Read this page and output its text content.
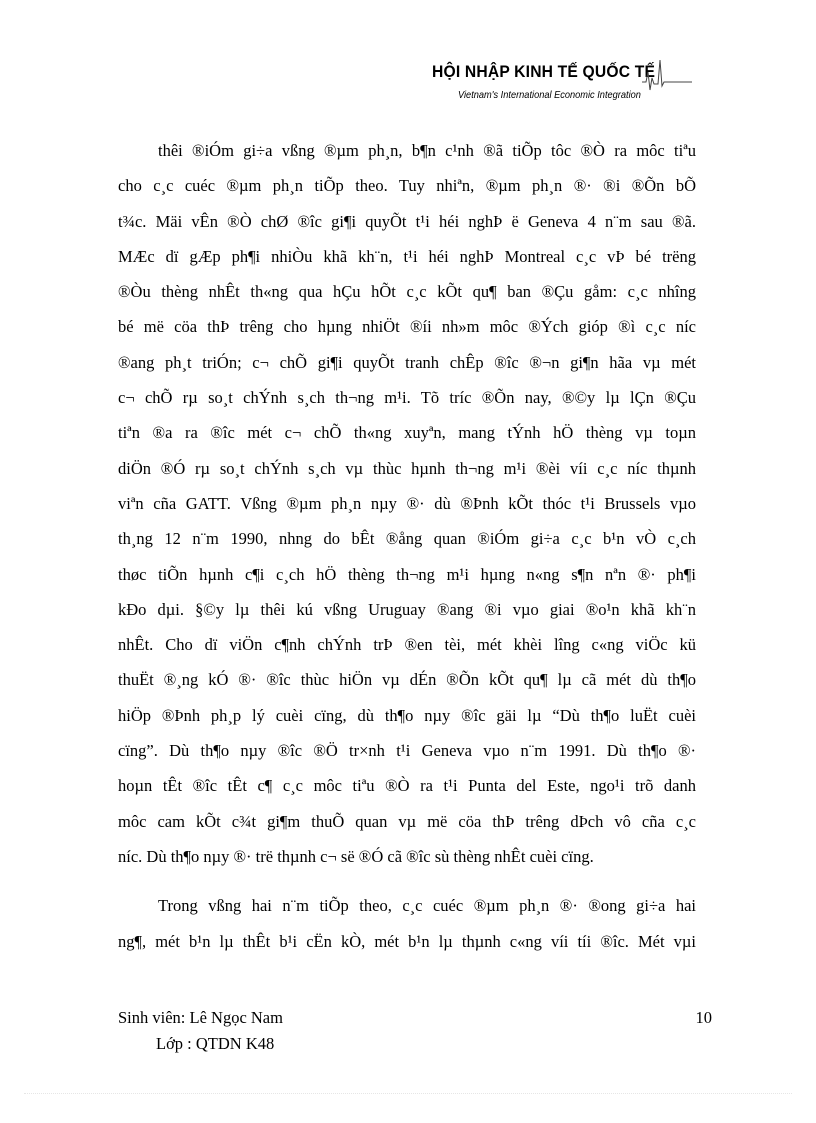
HỘI NHẬP KINH TẾ QUỐC TẾ
Vietnam's International Economic Integration
thêi ®iÓm gi÷a vßng ®µm ph¸n, b¶n c¹nh ®ã tiÕp tôc ®Ò ra môc tiªu
cho c¸c cuéc ®µm ph¸n tiÕp theo. Tuy nhiªn, ®µm ph¸n ®· ®i ®Õn bÕ
t¾c. Mäi vÊn ®Ò chØ ®îc gi¶i quyÕt t¹i héi nghÞ ë Geneva 4 n¨m sau ®ã.
MÆc dï gÆp ph¶i nhiÒu khã kh¨n, t¹i héi nghÞ Montreal c¸c vÞ bé trëng
®Òu thèng nhÊt th«ng qua hÇu hÕt c¸c kÕt qu¶ ban ®Çu gåm: c¸c nhîng
bé më cöa thÞ trêng cho hµng nhiÖt ®íi nh»m môc ®Ých gióp ®ì c¸c níc
®ang ph¸t triÓn; c¬ chÕ gi¶i quyÕt tranh chÊp ®îc ®¬n gi¶n hãa vµ mét
c¬ chÕ rµ so¸t chÝnh s¸ch th¬ng m¹i. Tõ tríc ®Õn nay, ®©y lµ lÇn ®Çu
tiªn ®a ra ®îc mét c¬ chÕ th«ng xuyªn, mang tÝnh hÖ thèng vµ toµn
diÖn ®Ó rµ so¸t chÝnh s¸ch vµ thùc hµnh th¬ng m¹i ®èi víi c¸c níc thµnh
viªn cña GATT. Vßng ®µm ph¸n nµy ®· dù ®Þnh kÕt thóc t¹i Brussels vµo
th¸ng 12 n¨m 1990, nhng do bÊt ®ång quan ®iÓm gi÷a c¸c b¹n vÒ c¸ch
thøc tiÕn hµnh c¶i c¸ch hÖ thèng th¬ng m¹i hµng n«ng s¶n nªn ®· ph¶i
kÐo dµi. §©y lµ thêi kú vßng Uruguay ®ang ®i vµo giai ®o¹n khã kh¨n
nhÊt. Cho dï viÖn c¶nh chÝnh trÞ ®en tèi, mét khèi lîng c«ng viÖc kü
thuËt ®¸ng kÓ ®· ®îc thùc hiÖn vµ dÉn ®Õn kÕt qu¶ lµ cã mét dù th¶o
hiÖp ®Þnh ph¸p lý cuèi cïng, dù th¶o nµy ®îc gäi lµ “Dù th¶o luËt cuèi
cïng”. Dù th¶o nµy ®îc ®Ö tr×nh t¹i Geneva vµo n¨m 1991. Dù th¶o ®·
hoµn tÊt ®îc tÊt c¶ c¸c môc tiªu ®Ò ra t¹i Punta del Este, ngo¹i trõ danh
môc cam kÕt c¾t gi¶m thuÕ quan vµ më cöa thÞ trêng dÞch vô cña c¸c
níc. Dù th¶o nµy ®· trë thµnh c¬ së ®Ó cã ®îc sù thèng nhÊt cuèi cïng.
Trong vßng hai n¨m tiÕp theo, c¸c cuéc ®µm ph¸n ®· ®ong gi÷a hai
ng¶, mét b¹n lµ thÊt b¹i cËn kÒ, mét b¹n lµ thµnh c«ng víi tíi ®îc. Mét vµi
Sinh viên: Lê Ngọc Nam
Lớp : QTDN K48
10
